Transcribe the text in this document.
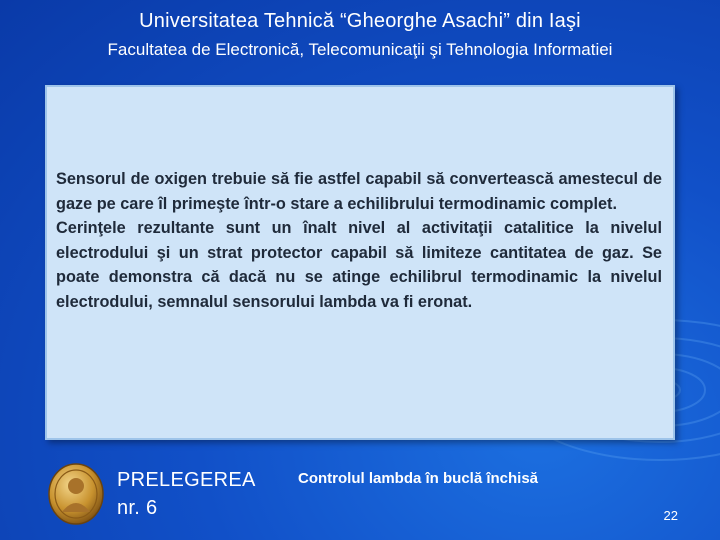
Universitatea Tehnică “Gheorghe Asachi” din Iaşi
Facultatea de Electronică, Telecomunicaţii şi Tehnologia Informatiei

Sensorul de oxigen trebuie să fie astfel capabil să convertească amestecul de gaze pe care îl primeşte într-o stare a echilibrului termodinamic complet.

Cerinţele rezultante sunt un înalt nivel al activitaţii catalitice la nivelul electrodului şi un strat protector capabil să limiteze cantitatea de gaz. Se poate demonstra că dacă nu se atinge echilibrul termodinamic la nivelul electrodului, semnalul sensorului lambda va fi eronat.

PRELEGEREA
nr. 6
Controlul lambda în buclă închisă
22
